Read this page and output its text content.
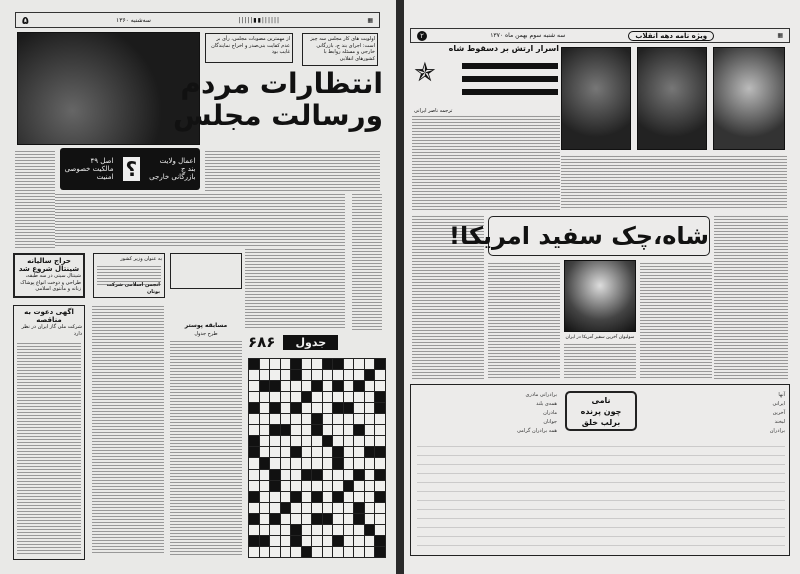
▦
||||||▮▮|||||
سه‌شنبه ۱۳۶۰
۵
از مهمترین مصوبات مجلس، رأی بر عدم کفایت بنی‌صدر و اخراج نمایندگان غایب بود
اولویت های کار مجلس سه چیز است: اجرای بند ج، بازرگانی خارجی و مسئله روابط با کشورهای انقلابی
انتظارات مردم
ورسالت مجلس
اعمال ولایت
بند ج
بازرگانی خارجی
؟
اصل ۴۹
مالکیت خصوصی
امنیت
حراج سالیانه شینتال شروع شد
شینتال سیتی در سه طبقه، طراحی و دوخت انواع پوشاک زنانه و مانتوی اسلامی
به عنوان وزیر کشور
انجمن اسلامی شرکت بوتان
اگهی دعوت به مناقصه
شرکت ملی گاز ایران در نظر دارد
مسابقه پوستر
طرح جدول	۶۸۶	جدول
▦
ویژه نامه دهه انقلاب
سه شنبه سوم بهمن ماه ۱۳۷۰
۲
✯
اسرار ارتش بر دسقوط شاه
ترجمه ناصر ایرانی
شاه،چک سفید امریکا!
سولیوان آخرین سفیر آمریکا در ایران
نامی
چون پرنده
برلب خلق
برادرانی مادری
همه‌ی بلند
مادران
جوانان
همه برادران گرامی
آنها
ایرانی
آخرین
لبخند
برادران
